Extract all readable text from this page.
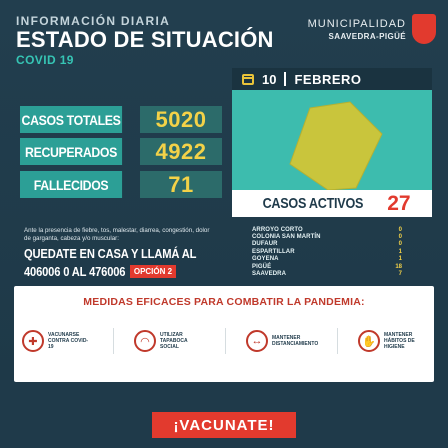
INFORMACIÓN DIARIA
ESTADO DE SITUACIÓN
COVID 19
MUNICIPALIDAD
SAAVEDRA-PIGÜÉ
10 FEBRERO
CASOS TOTALES	5020
RECUPERADOS	4922
FALLECIDOS	71
Ante la presencia de fiebre, tos, malestar, diarrea, congestión, dolor de garganta, cabeza y/o muscular:
QUEDATE EN CASA Y LLAMÁ AL
406006 0 AL 476006	OPCIÓN 2
CASOS ACTIVOS 27
ARROYO CORTO	0
COLONIA SAN MARTÍN	0
DUFAUR	0
ESPARTILLAR	1
GOYENA	1
PIGÜÉ	18
SAAVEDRA	7
MEDIDAS EFICACES PARA COMBATIR LA PANDEMIA:
✚
VACUNARSE CONTRA COVID-19	◠
UTILIZAR TAPABOCA SOCIAL	↔	MANTENER DISTANCIAMIENTO	✋
MANTENER HÁBITOS DE HIGIENE
¡VACUNATE!
